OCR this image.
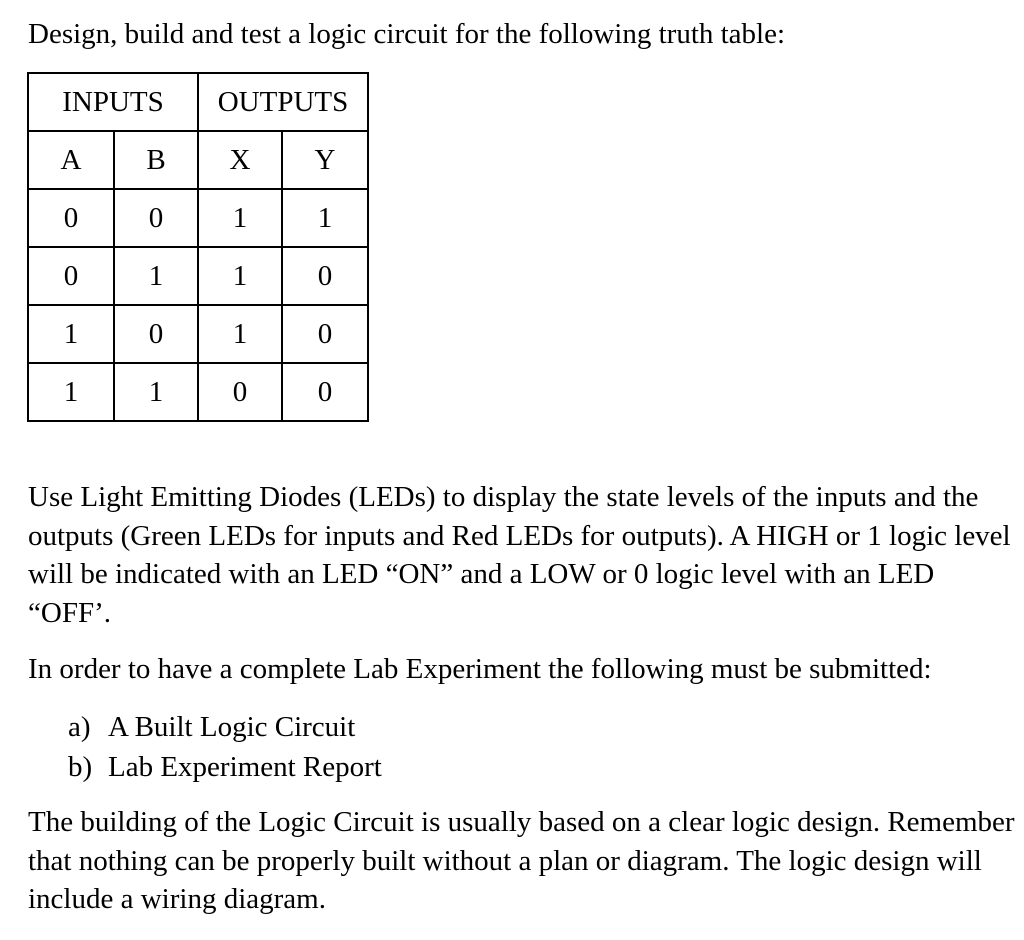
Design, build and test a logic circuit for the following truth table:

INPUTS		OUTPUTS	
A	B	X	Y
0	0	1	1
0	1	1	0
1	0	1	0
1	1	0	0

Use Light Emitting Diodes (LEDs) to display the state levels of the inputs and the outputs (Green LEDs for inputs and Red LEDs for outputs). A HIGH or 1 logic level will be indicated with an LED “ON” and a LOW or 0 logic level with an LED “OFF’.

In order to have a complete Lab Experiment the following must be submitted:

a) A Built Logic Circuit
b) Lab Experiment Report

The building of the Logic Circuit is usually based on a clear logic design. Remember that nothing can be properly built without a plan or diagram. The logic design will include a wiring diagram.
